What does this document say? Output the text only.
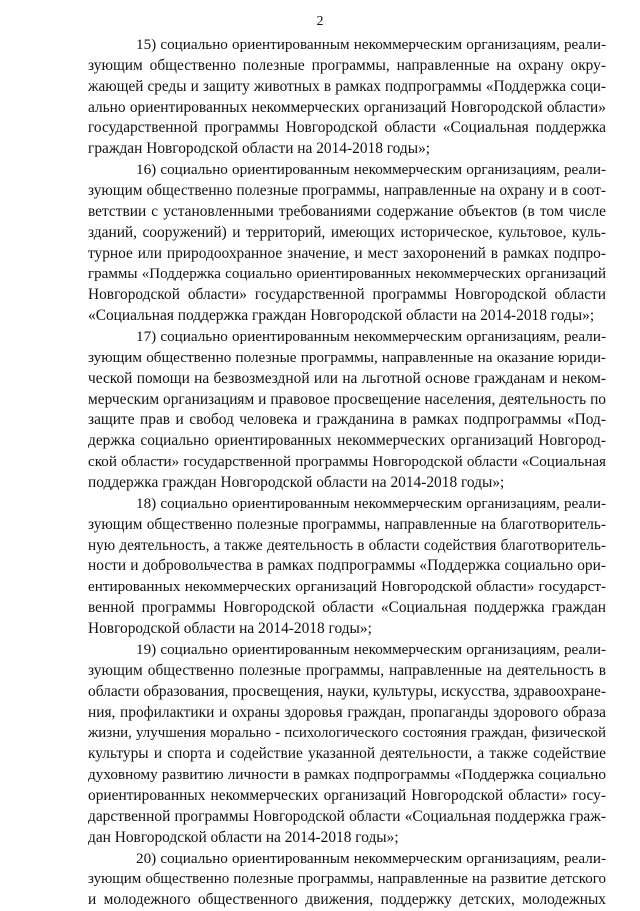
2
15) социально ориентированным некоммерческим организациям, реали-
зующим общественно полезные программы, направленные на охрану окру-
жающей среды и защиту животных в рамках подпрограммы «Поддержка соци-
ально ориентированных некоммерческих организаций Новгородской области»
государственной программы Новгородской области «Социальная поддержка
граждан Новгородской области на 2014-2018 годы»;
16) социально ориентированным некоммерческим организациям, реали-
зующим общественно полезные программы, направленные на охрану и в соот-
ветствии с установленными требованиями содержание объектов (в том числе
зданий, сооружений) и территорий, имеющих историческое, культовое, куль-
турное или природоохранное значение, и мест захоронений в рамках подпро-
граммы «Поддержка социально ориентированных некоммерческих организаций
Новгородской области» государственной программы Новгородской области
«Социальная поддержка граждан Новгородской области на 2014-2018 годы»;
17) социально ориентированным некоммерческим организациям, реали-
зующим общественно полезные программы, направленные на оказание юриди-
ческой помощи на безвозмездной или на льготной основе гражданам и неком-
мерческим организациям и правовое просвещение населения, деятельность по
защите прав и свобод человека и гражданина в рамках подпрограммы «Под-
держка социально ориентированных некоммерческих организаций Новгород-
ской области» государственной программы Новгородской области «Социальная
поддержка граждан Новгородской области на 2014-2018 годы»;
18) социально ориентированным некоммерческим организациям, реали-
зующим общественно полезные программы, направленные на благотворитель-
ную деятельность, а также деятельность в области содействия благотворитель-
ности и добровольчества в рамках подпрограммы «Поддержка социально ори-
ентированных некоммерческих организаций Новгородской области» государст-
венной программы Новгородской области «Социальная поддержка граждан
Новгородской области на 2014-2018 годы»;
19) социально ориентированным некоммерческим организациям, реали-
зующим общественно полезные программы, направленные на деятельность в
области образования, просвещения, науки, культуры, искусства, здравоохране-
ния, профилактики и охраны здоровья граждан, пропаганды здорового образа
жизни, улучшения морально - психологического состояния граждан, физической
культуры и спорта и содействие указанной деятельности, а также содействие
духовному развитию личности в рамках подпрограммы «Поддержка социально
ориентированных некоммерческих организаций Новгородской области» госу-
дарственной программы Новгородской области «Социальная поддержка граж-
дан Новгородской области на 2014-2018 годы»;
20) социально ориентированным некоммерческим организациям, реали-
зующим общественно полезные программы, направленные на развитие детского
и молодежного общественного движения, поддержку детских, молодежных
